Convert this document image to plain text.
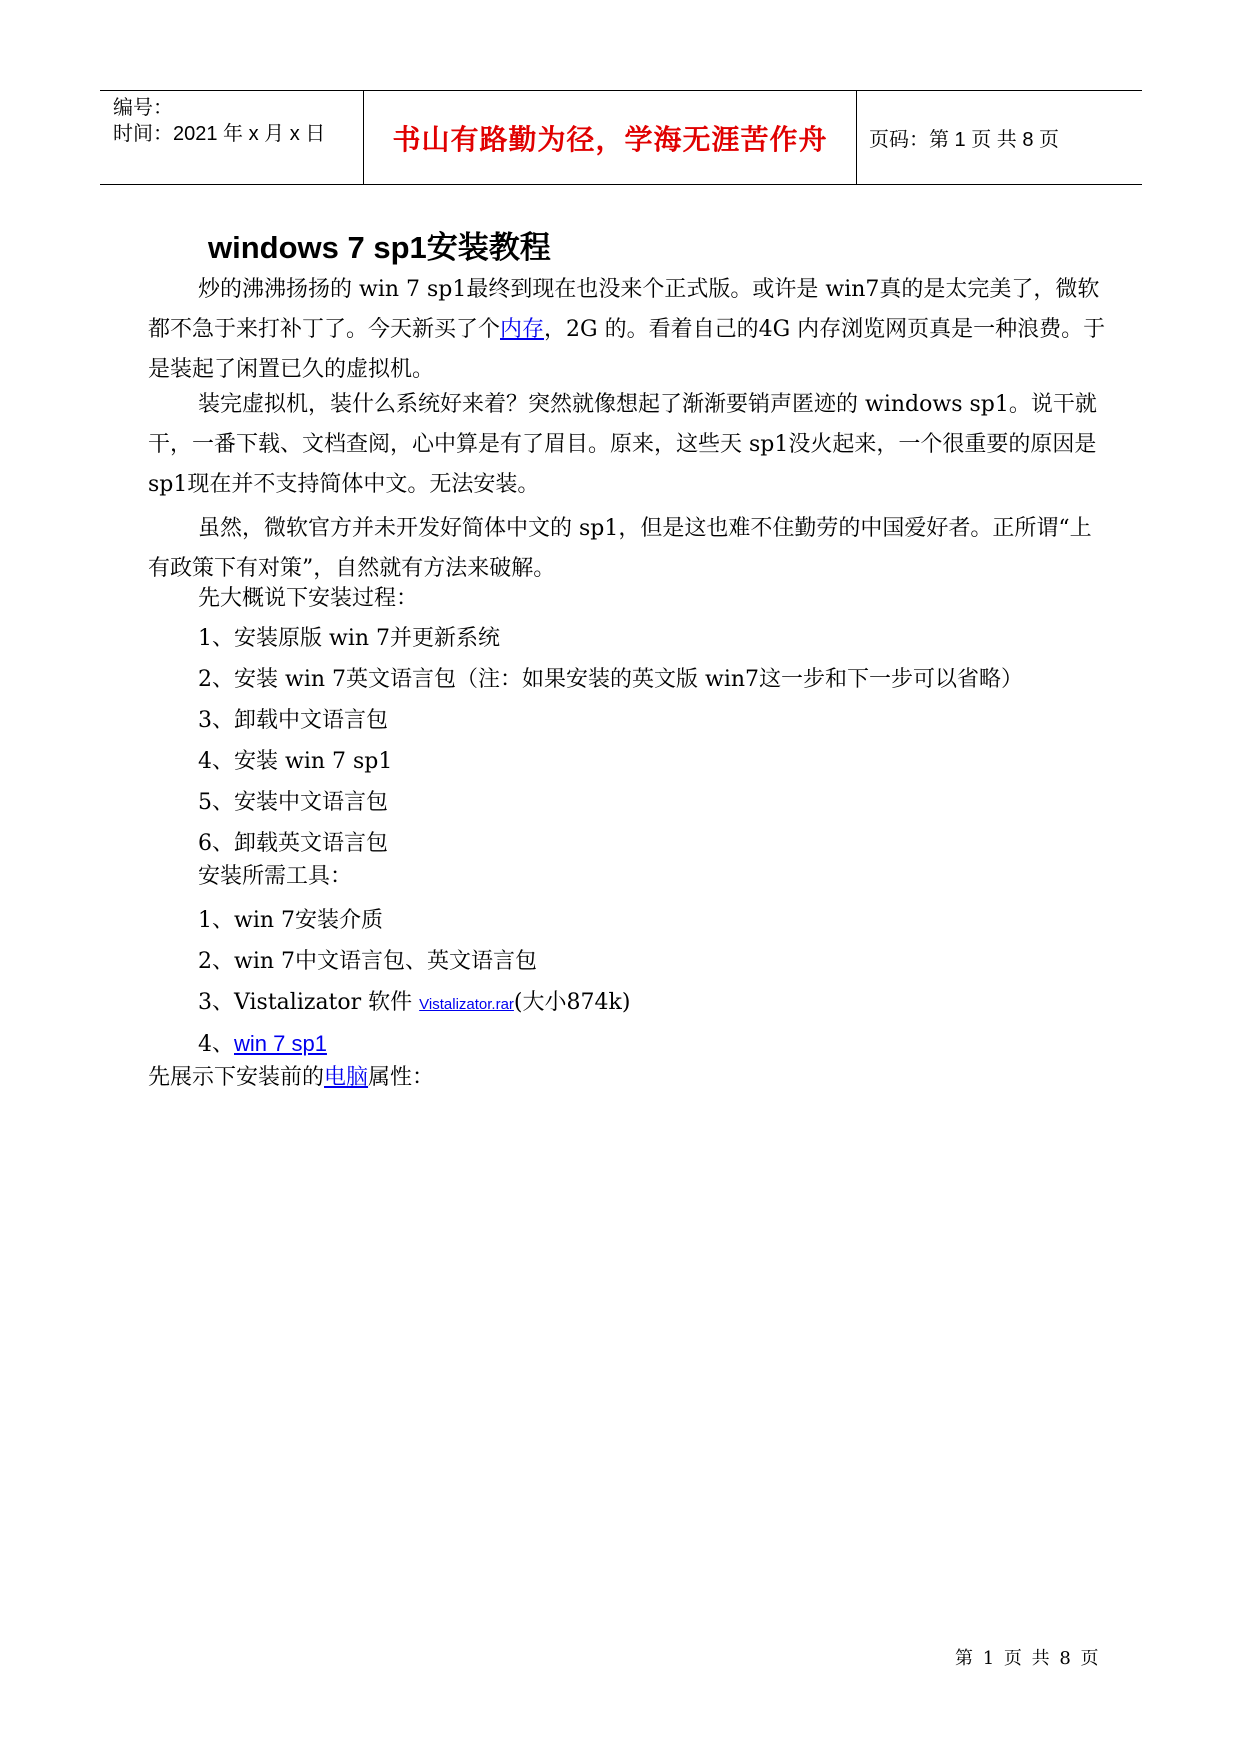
编号：
时间：2021 年 x 月 x 日 书山有路勤为径，学海无涯苦作舟 页码：第 1 页 共 8 页
windows 7 sp1安装教程
炒的沸沸扬扬的 win 7 sp1最终到现在也没来个正式版。或许是 win7真的是太完美了，微软都不急于来打补丁了。今天新买了个内存，2G 的。看着自己的4G 内存浏览网页真是一种浪费。于是装起了闲置已久的虚拟机。
装完虚拟机，装什么系统好来着？突然就像想起了渐渐要销声匿迹的 windows sp1。说干就干，一番下载、文档查阅，心中算是有了眉目。原来，这些天 sp1没火起来，一个很重要的原因是 sp1现在并不支持简体中文。无法安装。
虽然，微软官方并未开发好简体中文的 sp1，但是这也难不住勤劳的中国爱好者。正所谓“上有政策下有对策”，自然就有方法来破解。
先大概说下安装过程：
1、安装原版 win 7并更新系统
2、安装 win 7英文语言包（注：如果安装的英文版 win7这一步和下一步可以省略）
3、卸载中文语言包
4、安装 win 7 sp1
5、安装中文语言包
6、卸载英文语言包
安装所需工具：
1、win 7安装介质
2、win 7中文语言包、英文语言包
3、Vistalizator 软件 Vistalizator.rar(大小874k)
4、win 7 sp1
先展示下安装前的电脑属性：
第 1 页 共 8 页
